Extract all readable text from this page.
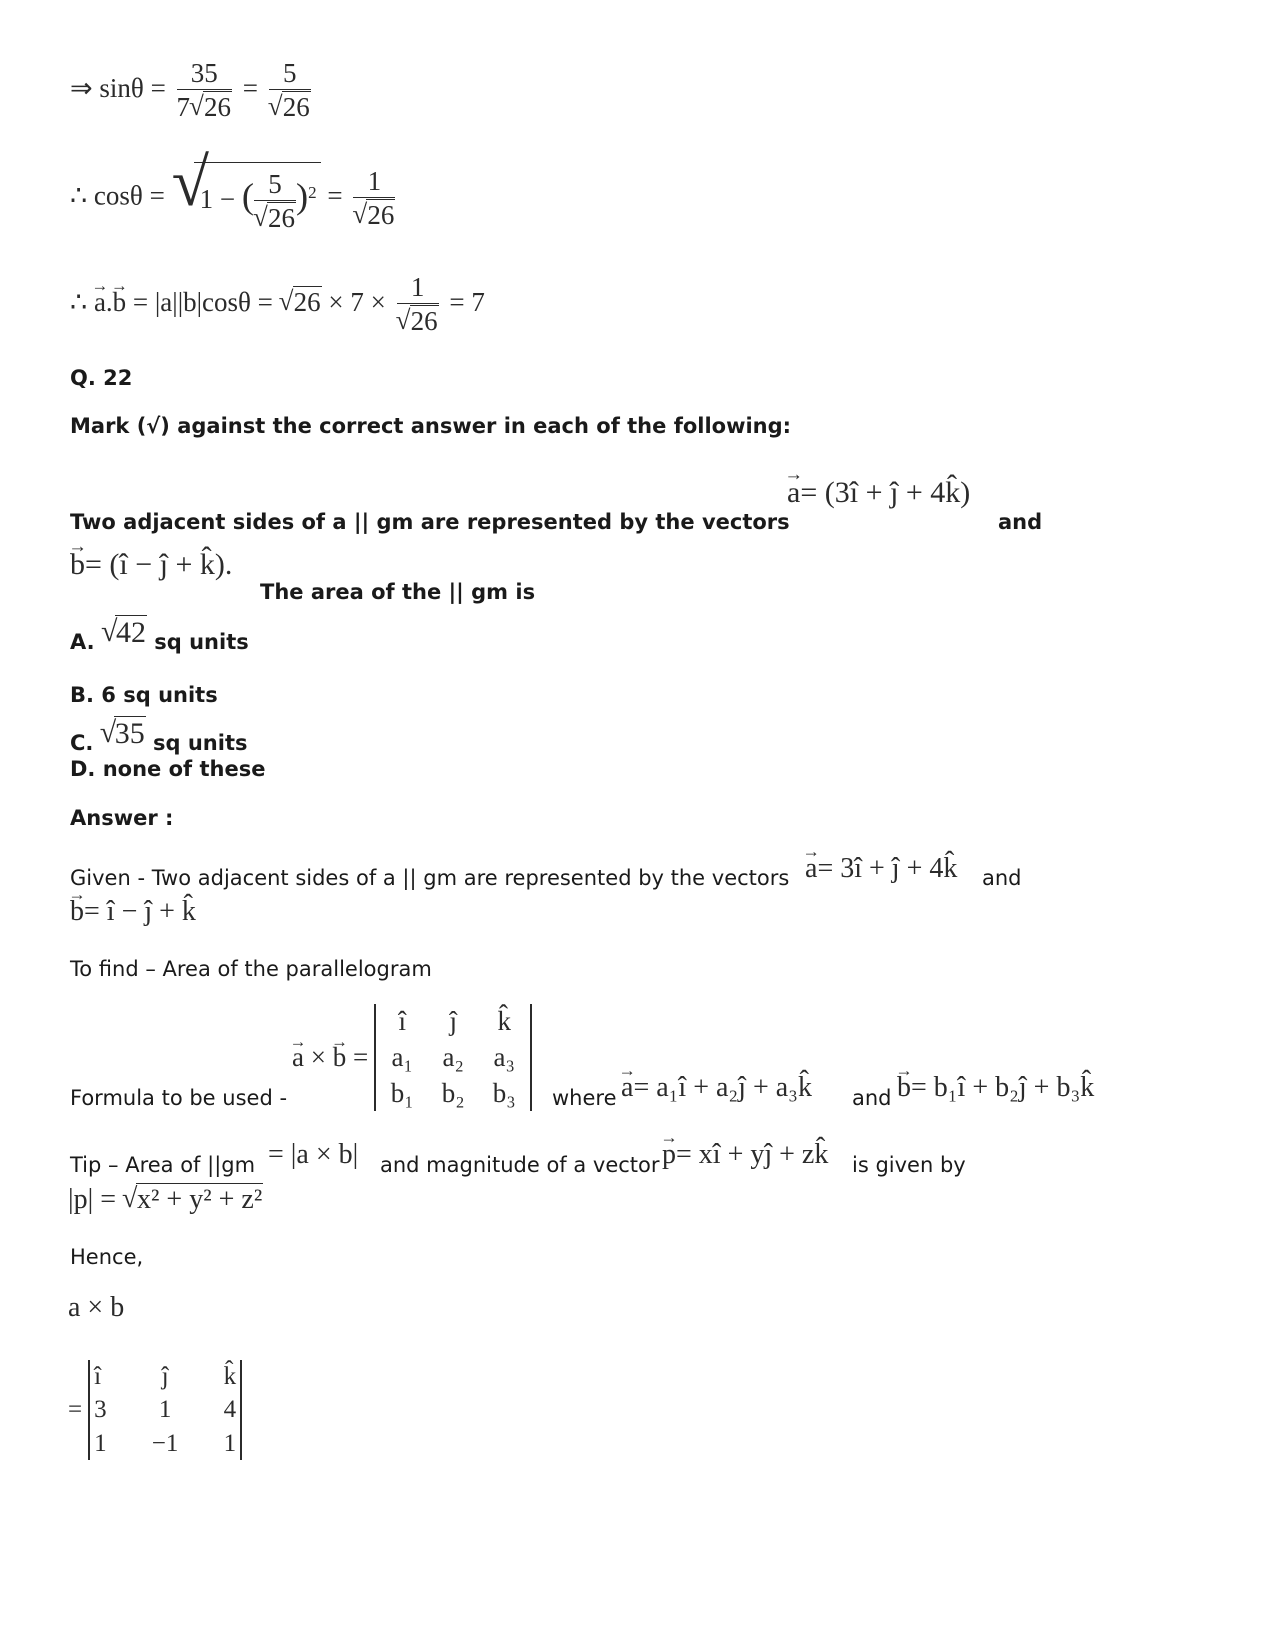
⇒ $\sin\theta = \frac{35}{7 √ 26} = 5$
√ 26
∴ cosθ = √
1 − ( 5
√ 26 )$^2$ = 1
√ 26
∴ a →.b → = |a||b|cosθ = √ 26 × 7 × 1
√ 26 = 7
Q. 22
Mark (√) against the correct answer in each of the following:
Two adjacent sides of a || gm are represented by the vectors
a →= (3î + ĵ + 4k̂)
and
b →= (î − ĵ + k̂).
The area of the || gm is
A. √ 42 sq units
B. 6 sq units
C. √ 35 sq units
D. none of these
Answer :
Given - Two adjacent sides of a || gm are represented by the vectors a →= 3î + ĵ + 4k̂ and
b →= î − ĵ + k̂
To find – Area of the parallelogram
Formula to be used -
a → × b → =
î	ĵ	k̂
a₁	a₂	a₃
b₁	b₂	b₃	where a →= a₁î + a₂ĵ + a₃k̂ and b →= b₁î + b₂ĵ + b₃k̂
Tip – Area of ||gm = |a × b| and magnitude of a vector p →= xî + yĵ + zk̂ is given by
|p| = √ x² + y² + z²
Hence,
a × b
=
î	ĵ	k̂
3	1	4
1	−1	1
